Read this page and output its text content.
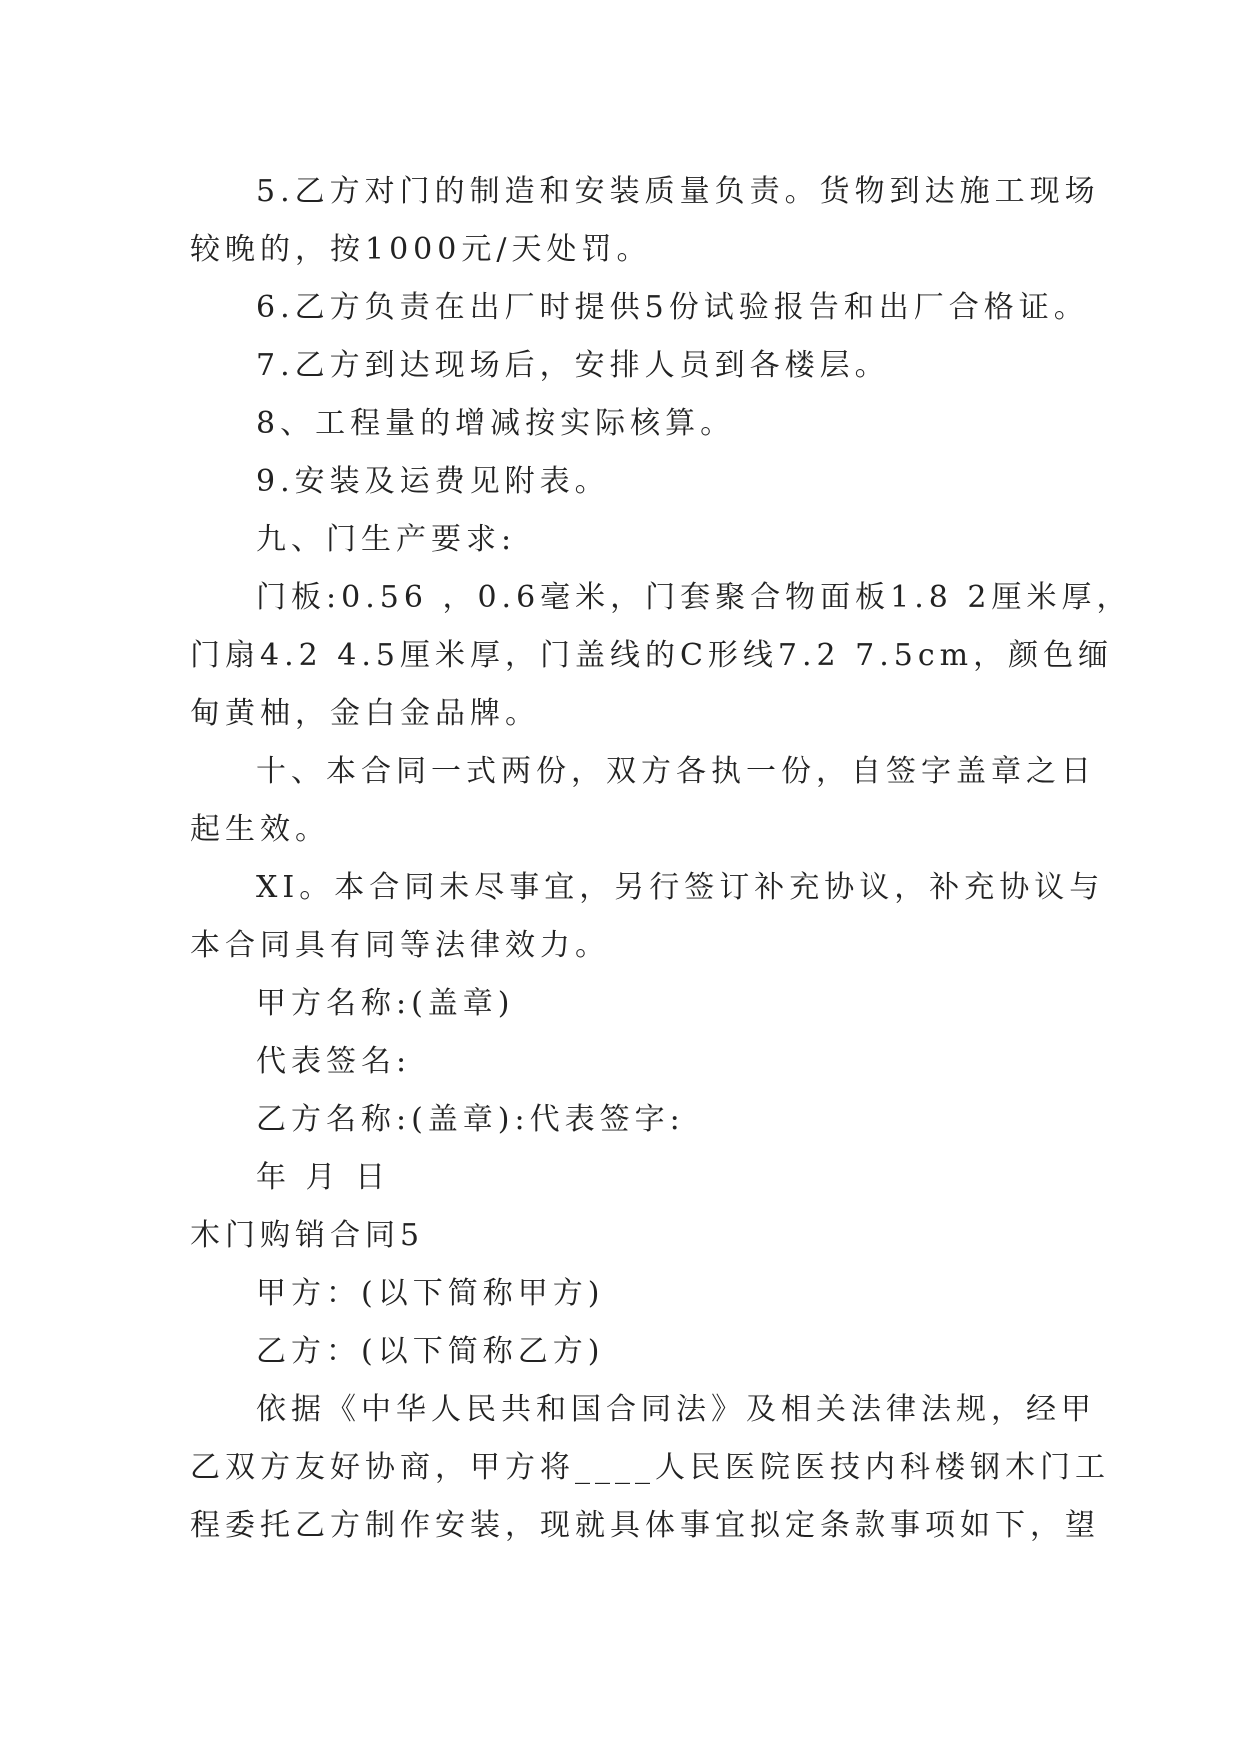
5.乙方对门的制造和安装质量负责。货物到达施工现场

较晚的，按1000元/天处罚。

6.乙方负责在出厂时提供5份试验报告和出厂合格证。

7.乙方到达现场后，安排人员到各楼层。

8、工程量的增减按实际核算。

9.安装及运费见附表。

九、门生产要求:

门板:0.56 ，0.6毫米，门套聚合物面板1.8 2厘米厚，

门扇4.2 4.5厘米厚，门盖线的C形线7.2 7.5cm，颜色缅

甸黄柚，金白金品牌。

十、本合同一式两份，双方各执一份，自签字盖章之日

起生效。

XI。本合同未尽事宜，另行签订补充协议，补充协议与

本合同具有同等法律效力。

甲方名称:(盖章)

代表签名:

乙方名称:(盖章):代表签字:

年 月 日

木门购销合同5

甲方：(以下简称甲方)

乙方：(以下简称乙方)

依据《中华人民共和国合同法》及相关法律法规，经甲

乙双方友好协商，甲方将____人民医院医技内科楼钢木门工

程委托乙方制作安装，现就具体事宜拟定条款事项如下，望
